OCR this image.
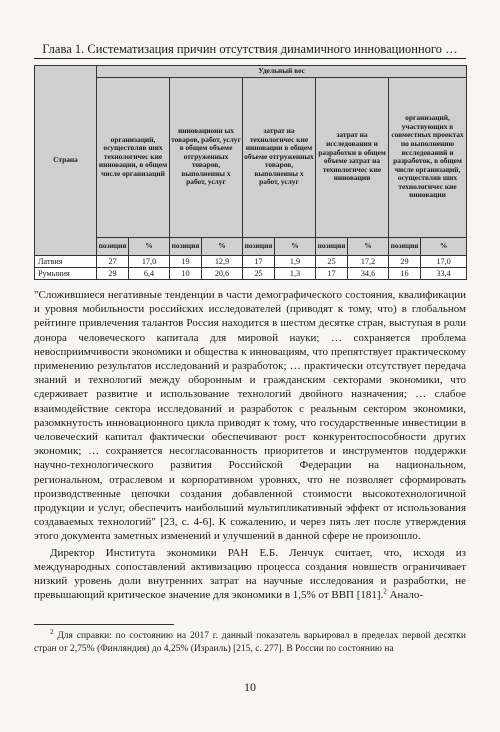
Глава 1. Систематизация причин отсутствия динамичного инновационного …
Страна	Удельный вес									
	организаций, осуществляв ших технологичес кие инновации, в общем числе организаций		инновационн ых товаров, работ, услуг в общем объеме отгруженных товаров, выполненны х работ, услуг		затрат на технологичес кие инновации в общем объеме отгруженных товаров, выполненны х работ, услуг		затрат на исследования и разработки в общем объеме затрат на технологичес кие инновации		организаций, участвующих в совместных проектах по выполнению исследований и разработок, в общем числе организаций, осуществляв ших технологичес кие инновации	
	позиция	%	позиция	%	позиция	%	позиция	%	позиция	%
Латвия	27	17,0	19	12,9	17	1,9	25	17,2	29	17,0
Румыния	29	6,4	10	20,6	25	1,3	17	34,6	16	33,4

"Сложившиеся негативные тенденции в части демографического состояния, квалификации и уровня мобильности российских исследователей (приводят к тому, что) в глобальном рейтинге привлечения талантов Россия находится в шестом десятке стран, выступая в роли донора человеческого капитала для мировой науки; … сохраняется проблема невосприимчивости экономики и общества к инновациям, что препятствует практическому применению результатов исследований и разработок; … практически отсутствует передача знаний и технологий между оборонным и гражданским секторами экономики, что сдерживает развитие и использование технологий двойного назначения; … слабое взаимодействие сектора исследований и разработок с реальным сектором экономики, разомкнутость инновационного цикла приводят к тому, что государственные инвестиции в человеческий капитал фактически обеспечивают рост конкурентоспособности других экономик; … сохраняется несогласованность приоритетов и инструментов поддержки научно-технологического развития Российской Федерации на национальном, региональном, отраслевом и корпоративном уровнях, что не позволяет сформировать производственные цепочки создания добавленной стоимости высокотехнологичной продукции и услуг, обеспечить наибольший мультипликативный эффект от использования создаваемых технологий" [23, с. 4-6]. К сожалению, и через пять лет после утверждения этого документа заметных изменений и улучшений в данной сфере не произошло.

Директор Института экономики РАН Е.Б. Ленчук считает, что, исходя из международных сопоставлений активизацию процесса создания новшеств ограничивает низкий уровень доли внутренних затрат на научные исследования и разработки, не превышающий критическое значение для экономики в 1,5% от ВВП [181].$^2$ Анало-

$^2$ Для справки: по состоянию на 2017 г. данный показатель варьировал в пределах первой десятки стран от 2,75% (Финляндия) до 4,25% (Израиль) [215, с. 277]. В России по состоянию на
10
